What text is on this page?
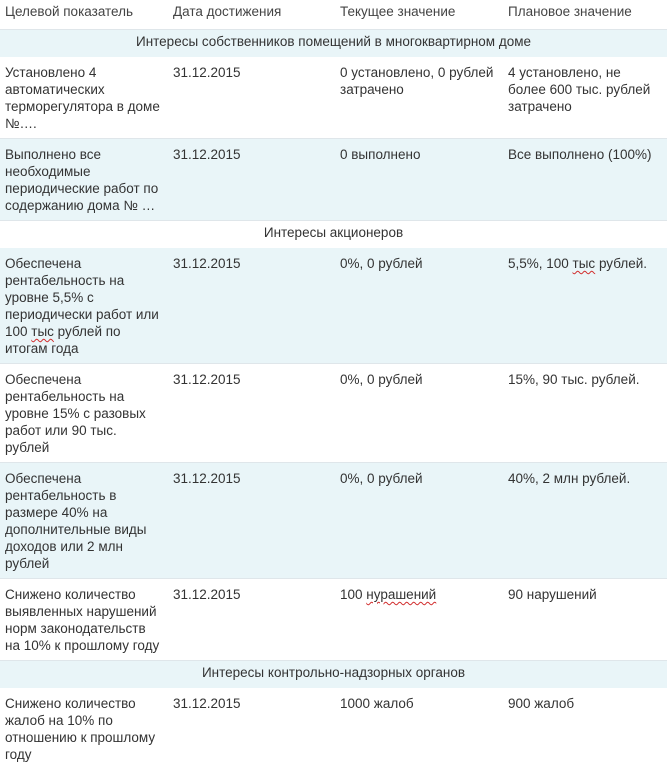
Целевой показатель	Дата достижения	Текущее значение	Плановое значение
Интересы собственников помещений в многоквартирном доме			
Установлено 4 автоматических терморегулятора в доме №….	31.12.2015	0 установлено, 0 рублей затрачено	4 установлено, не более 600 тыс. рублей затрачено
Выполнено все необходимые периодические работ по содержанию дома № …	31.12.2015	0 выполнено	Все выполнено (100%)
Интересы акционеров			
Обеспечена рентабельность на уровне 5,5% с периодически работ или 100 тыс рублей по итогам года	31.12.2015	0%, 0 рублей	5,5%, 100 тыс рублей.
Обеспечена рентабельность на уровне 15% с разовых работ или 90 тыс. рублей	31.12.2015	0%, 0 рублей	15%, 90 тыс. рублей.
Обеспечена рентабельность в размере 40% на дополнительные виды доходов или 2 млн рублей	31.12.2015	0%, 0 рублей	40%, 2 млн рублей.
Снижено количество выявленных нарушений норм законодательств на 10% к прошлому году	31.12.2015	100 нурашений	90 нарушений
Интересы контрольно-надзорных органов			
Снижено количество жалоб на 10% по отношению к прошлому году	31.12.2015	1000 жалоб	900 жалоб
